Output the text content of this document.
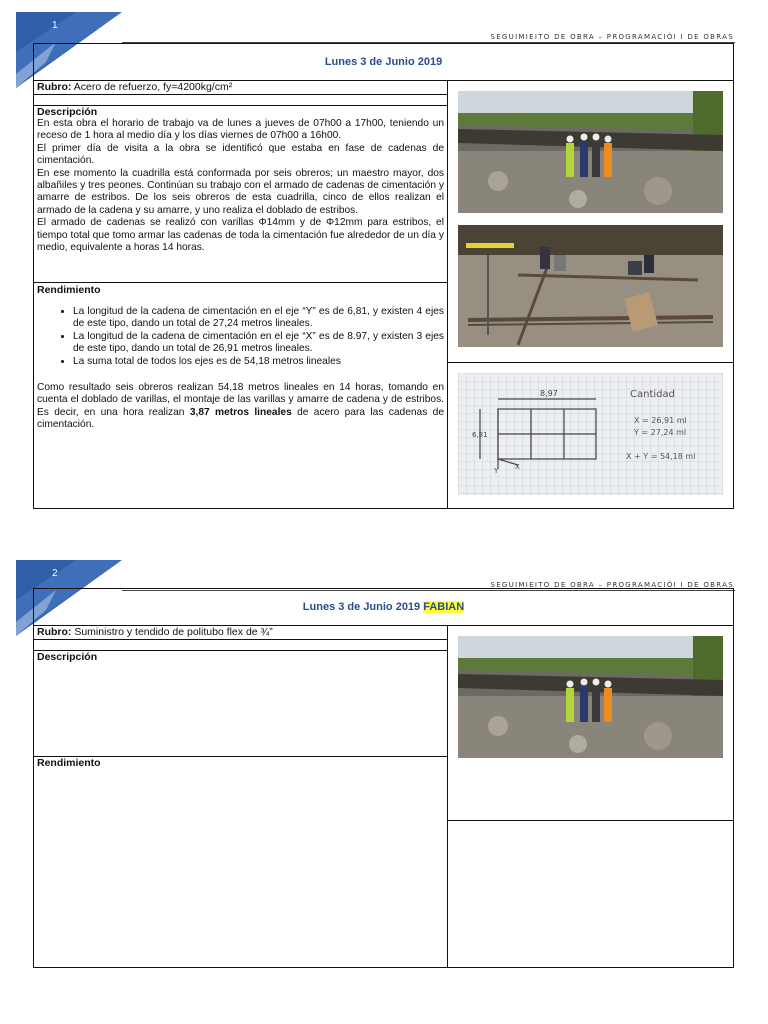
1
SEGUIMIEITO DE OBRA – PROGRAMACIÓI I DE OBRAS
Lunes 3 de Junio 2019
Rubro: Acero de refuerzo, fy=4200kg/cm²
Descripción

En esta obra el horario de trabajo va de lunes a jueves de 07h00 a 17h00, teniendo un receso de 1 hora al medio día y los días viernes de 07h00 a 16h00.

El primer día de visita a la obra se identificó que estaba en fase de cadenas de cimentación.

En ese momento la cuadrilla está conformada por seis obreros; un maestro mayor, dos albañiles y tres peones. Continúan su trabajo con el armado de cadenas de cimentación y amarre de estribos. De los seis obreros de esta cuadrilla, cinco de ellos realizan el armado de la cadena y su amarre, y uno realiza el doblado de estribos.

El armado de cadenas se realizó con varillas Φ14mm y de Φ12mm para estribos, el tiempo total que tomo armar las cadenas de toda la cimentación fue alrededor de un día y medio, equivalente a horas 14 horas.

Rendimiento
• La longitud de la cadena de cimentación en el eje “Y” es de 6,81, y existen 4 ejes de este tipo, dando un total de 27,24 metros lineales.
• La longitud de la cadena de cimentación en el eje “X” es de 8.97, y existen 3 ejes de este tipo, dando un total de 26,91 metros lineales.
• La suma total de todos los ejes es de 54,18 metros lineales

Como resultado seis obreros realizan 54,18 metros lineales en 14 horas, tomando en cuenta el doblado de varillas, el montaje de las varillas y amarre de cadena y de estribos. Es decir, en una hora realizan 3,87 metros lineales de acero para las cadenas de cimentación.

8,97
6,81
X
Y
Cantidad
X = 26,91 ml
Y = 27,24 ml
X + Y = 54,18 ml
2
SEGUIMIEITO DE OBRA – PROGRAMACIÓI I DE OBRAS
Lunes 3 de Junio 2019
FABIAN
Rubro: Suministro y tendido de politubo flex de ¾”
Descripción
Rendimiento
